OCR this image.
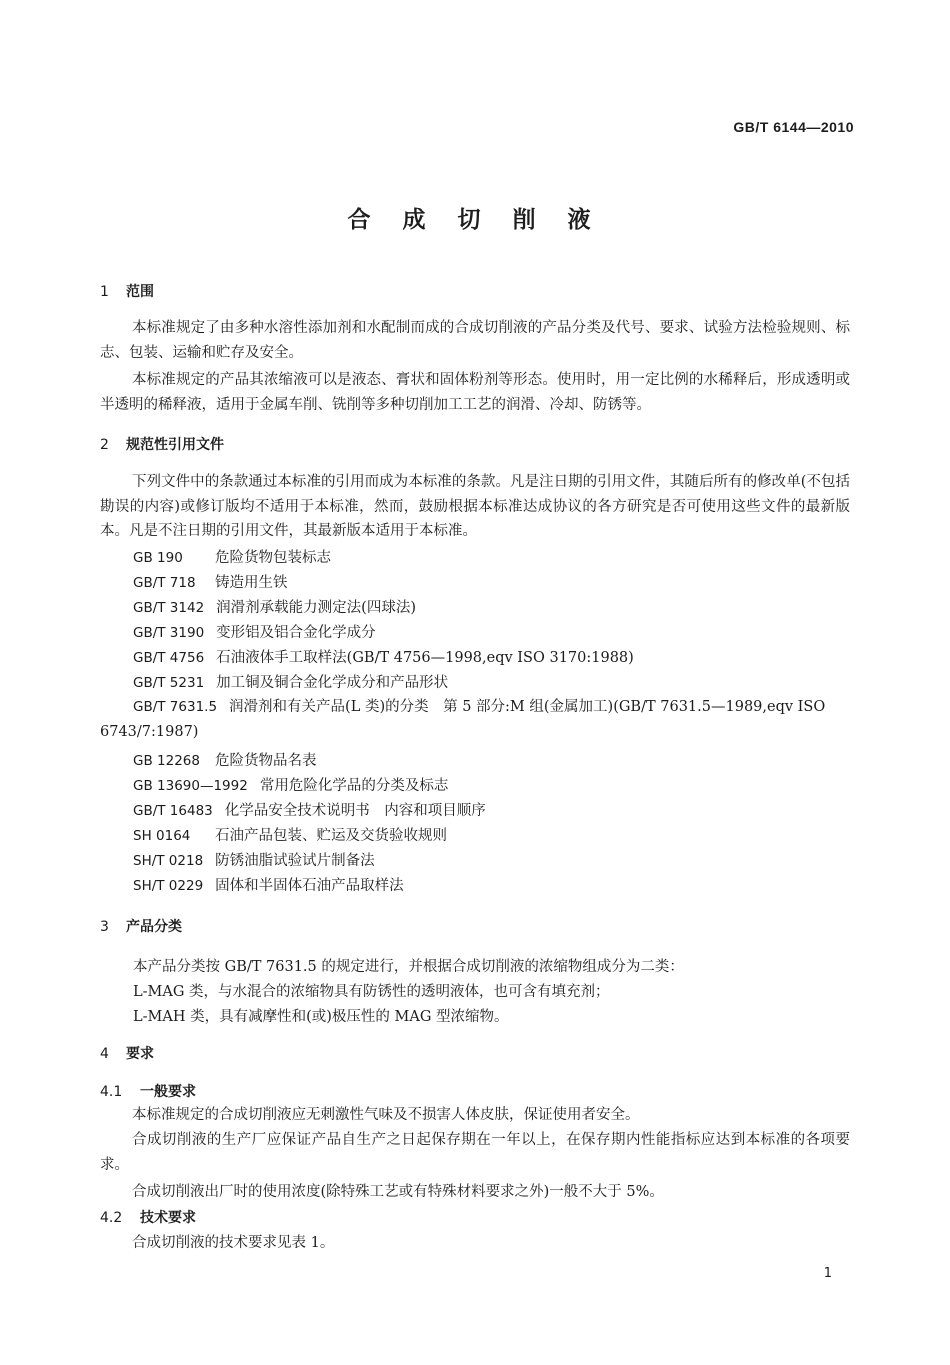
GB/T 6144—2010
合 成 切 削 液
1 范围
本标准规定了由多种水溶性添加剂和水配制而成的合成切削液的产品分类及代号、要求、试验方法检验规则、标志、包装、运输和贮存及安全。
本标准规定的产品其浓缩液可以是液态、膏状和固体粉剂等形态。使用时，用一定比例的水稀释后，形成透明或半透明的稀释液，适用于金属车削、铣削等多种切削加工工艺的润滑、冷却、防锈等。
2 规范性引用文件
下列文件中的条款通过本标准的引用而成为本标准的条款。凡是注日期的引用文件，其随后所有的修改单(不包括勘误的内容)或修订版均不适用于本标准，然而，鼓励根据本标准达成协议的各方研究是否可使用这些文件的最新版本。凡是不注日期的引用文件，其最新版本适用于本标准。
GB 190 危险货物包装标志
GB/T 718 铸造用生铁
GB/T 3142 润滑剂承载能力测定法(四球法)
GB/T 3190 变形铝及铝合金化学成分
GB/T 4756 石油液体手工取样法(GB/T 4756—1998,eqv ISO 3170:1988)
GB/T 5231 加工铜及铜合金化学成分和产品形状
GB/T 7631.5 润滑剂和有关产品(L 类)的分类　第 5 部分:M 组(金属加工)(GB/T 7631.5—1989,eqv ISO 6743/7:1987)
GB 12268 危险货物品名表
GB 13690—1992 常用危险化学品的分类及标志
GB/T 16483 化学品安全技术说明书　内容和项目顺序
SH 0164 石油产品包装、贮运及交货验收规则
SH/T 0218 防锈油脂试验试片制备法
SH/T 0229 固体和半固体石油产品取样法
3 产品分类
本产品分类按 GB/T 7631.5 的规定进行，并根据合成切削液的浓缩物组成分为二类：
L-MAG 类，与水混合的浓缩物具有防锈性的透明液体，也可含有填充剂；
L-MAH 类，具有减摩性和(或)极压性的 MAG 型浓缩物。
4 要求
4.1 一般要求
本标准规定的合成切削液应无刺激性气味及不损害人体皮肤，保证使用者安全。
合成切削液的生产厂应保证产品自生产之日起保存期在一年以上，在保存期内性能指标应达到本标准的各项要求。
合成切削液出厂时的使用浓度(除特殊工艺或有特殊材料要求之外)一般不大于 5%。
4.2 技术要求
合成切削液的技术要求见表 1。
1
